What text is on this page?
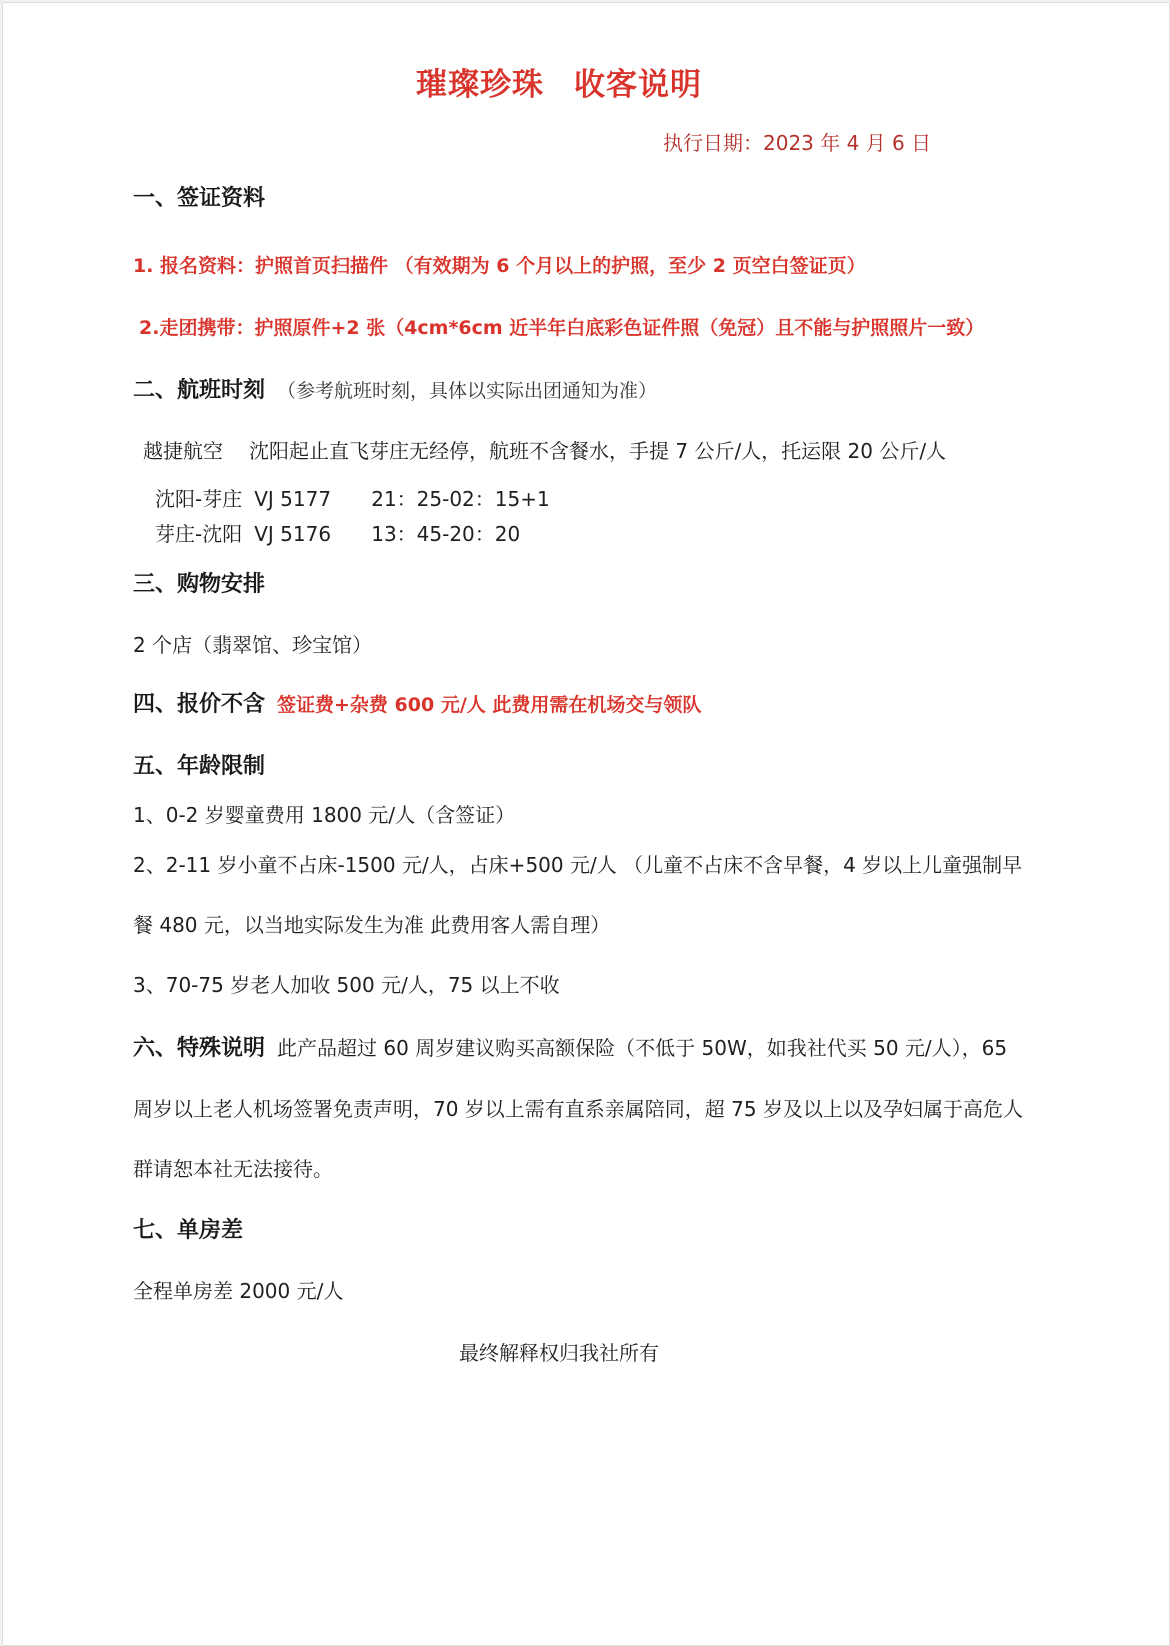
璀璨珍珠 收客说明
执行日期：2023 年 4 月 6 日
一、签证资料
1. 报名资料：护照首页扫描件 （有效期为 6 个月以上的护照，至少 2 页空白签证页）
2.走团携带：护照原件+2 张（4cm*6cm 近半年白底彩色证件照（免冠）且不能与护照照片一致）
二、航班时刻 （参考航班时刻，具体以实际出团通知为准）
越捷航空 沈阳起止直飞芽庄无经停，航班不含餐水，手提 7 公斤/人，托运限 20 公斤/人
沈阳-芽庄 VJ 5177 21：25-02：15+1
芽庄-沈阳 VJ 5176 13：45-20：20
三、购物安排
2 个店（翡翠馆、珍宝馆）
四、报价不含 签证费+杂费 600 元/人 此费用需在机场交与领队
五、年龄限制
1、0-2 岁婴童费用 1800 元/人（含签证）
2、2-11 岁小童不占床-1500 元/人，占床+500 元/人 （儿童不占床不含早餐，4 岁以上儿童强制早
餐 480 元，以当地实际发生为准 此费用客人需自理）
3、70-75 岁老人加收 500 元/人，75 以上不收
六、特殊说明 此产品超过 60 周岁建议购买高额保险（不低于 50W，如我社代买 50 元/人），65
周岁以上老人机场签署免责声明，70 岁以上需有直系亲属陪同，超 75 岁及以上以及孕妇属于高危人
群请恕本社无法接待。
七、单房差
全程单房差 2000 元/人
最终解释权归我社所有
